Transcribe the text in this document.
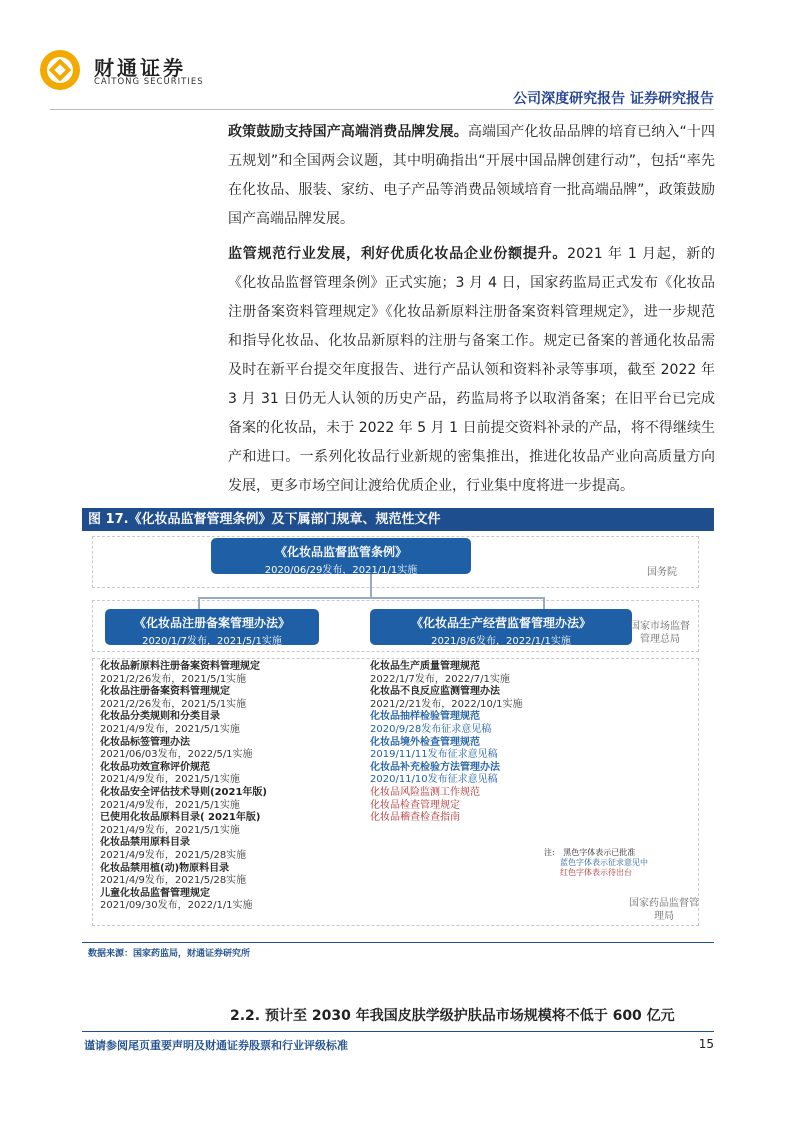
财通证券
CAITONG SECURITIES
公司深度研究报告 证券研究报告
政策鼓励支持国产高端消费品牌发展。高端国产化妆品品牌的培育已纳入“十四五规划”和全国两会议题，其中明确指出“开展中国品牌创建行动”，包括“率先在化妆品、服装、家纺、电子产品等消费品领域培育一批高端品牌”，政策鼓励国产高端品牌发展。
监管规范行业发展，利好优质化妆品企业份额提升。2021 年 1 月起，新的《化妆品监督管理条例》正式实施；3 月 4 日，国家药监局正式发布《化妆品注册备案资料管理规定》《化妆品新原料注册备案资料管理规定》，进一步规范和指导化妆品、化妆品新原料的注册与备案工作。规定已备案的普通化妆品需及时在新平台提交年度报告、进行产品认领和资料补录等事项，截至 2022 年 3 月 31 日仍无人认领的历史产品，药监局将予以取消备案；在旧平台已完成备案的化妆品，未于 2022 年 5 月 1 日前提交资料补录的产品，将不得继续生产和进口。一系列化妆品行业新规的密集推出，推进化妆品产业向高质量方向发展，更多市场空间让渡给优质企业，行业集中度将进一步提高。
图 17.《化妆品监督管理条例》及下属部门规章、规范性文件
《化妆品监督监管条例》
2020/06/29发布，2021/1/1实施
《化妆品注册备案管理办法》
2020/1/7发布，2021/5/1实施
《化妆品生产经营监督管理办法》
2021/8/6发布，2022/1/1实施
国务院
国家市场监督
管理总局
国家药品监督管
理局
化妆品新原料注册备案资料管理规定
2021/2/26发布，2021/5/1实施
化妆品注册备案资料管理规定
2021/2/26发布，2021/5/1实施
化妆品分类规则和分类目录
2021/4/9发布，2021/5/1实施
化妆品标签管理办法
2021/06/03发布，2022/5/1实施
化妆品功效宣称评价规范
2021/4/9发布，2021/5/1实施
化妆品安全评估技术导则(2021年版)
2021/4/9发布，2021/5/1实施
已使用化妆品原料目录( 2021年版)
2021/4/9发布，2021/5/1实施
化妆品禁用原料目录
2021/4/9发布，2021/5/28实施
化妆品禁用植(动)物原料目录
2021/4/9发布，2021/5/28实施
儿童化妆品监督管理规定
2021/09/30发布，2022/1/1实施
化妆品生产质量管理规范
2022/1/7发布，2022/7/1实施
化妆品不良反应监测管理办法
2021/2/21发布，2022/10/1实施
化妆品抽样检验管理规范
2020/9/28发布征求意见稿
化妆品境外检查管理规范
2019/11/11发布征求意见稿
化妆品补充检验方法管理办法
2020/11/10发布征求意见稿
化妆品风险监测工作规范
化妆品检查管理规定
化妆品稽查检查指南
注: 黑色字体表示已批准
蓝色字体表示征求意见中
红色字体表示待出台
数据来源：国家药监局，财通证券研究所
2.2. 预计至 2030 年我国皮肤学级护肤品市场规模将不低于 600 亿元
谨请参阅尾页重要声明及财通证券股票和行业评级标准	15
